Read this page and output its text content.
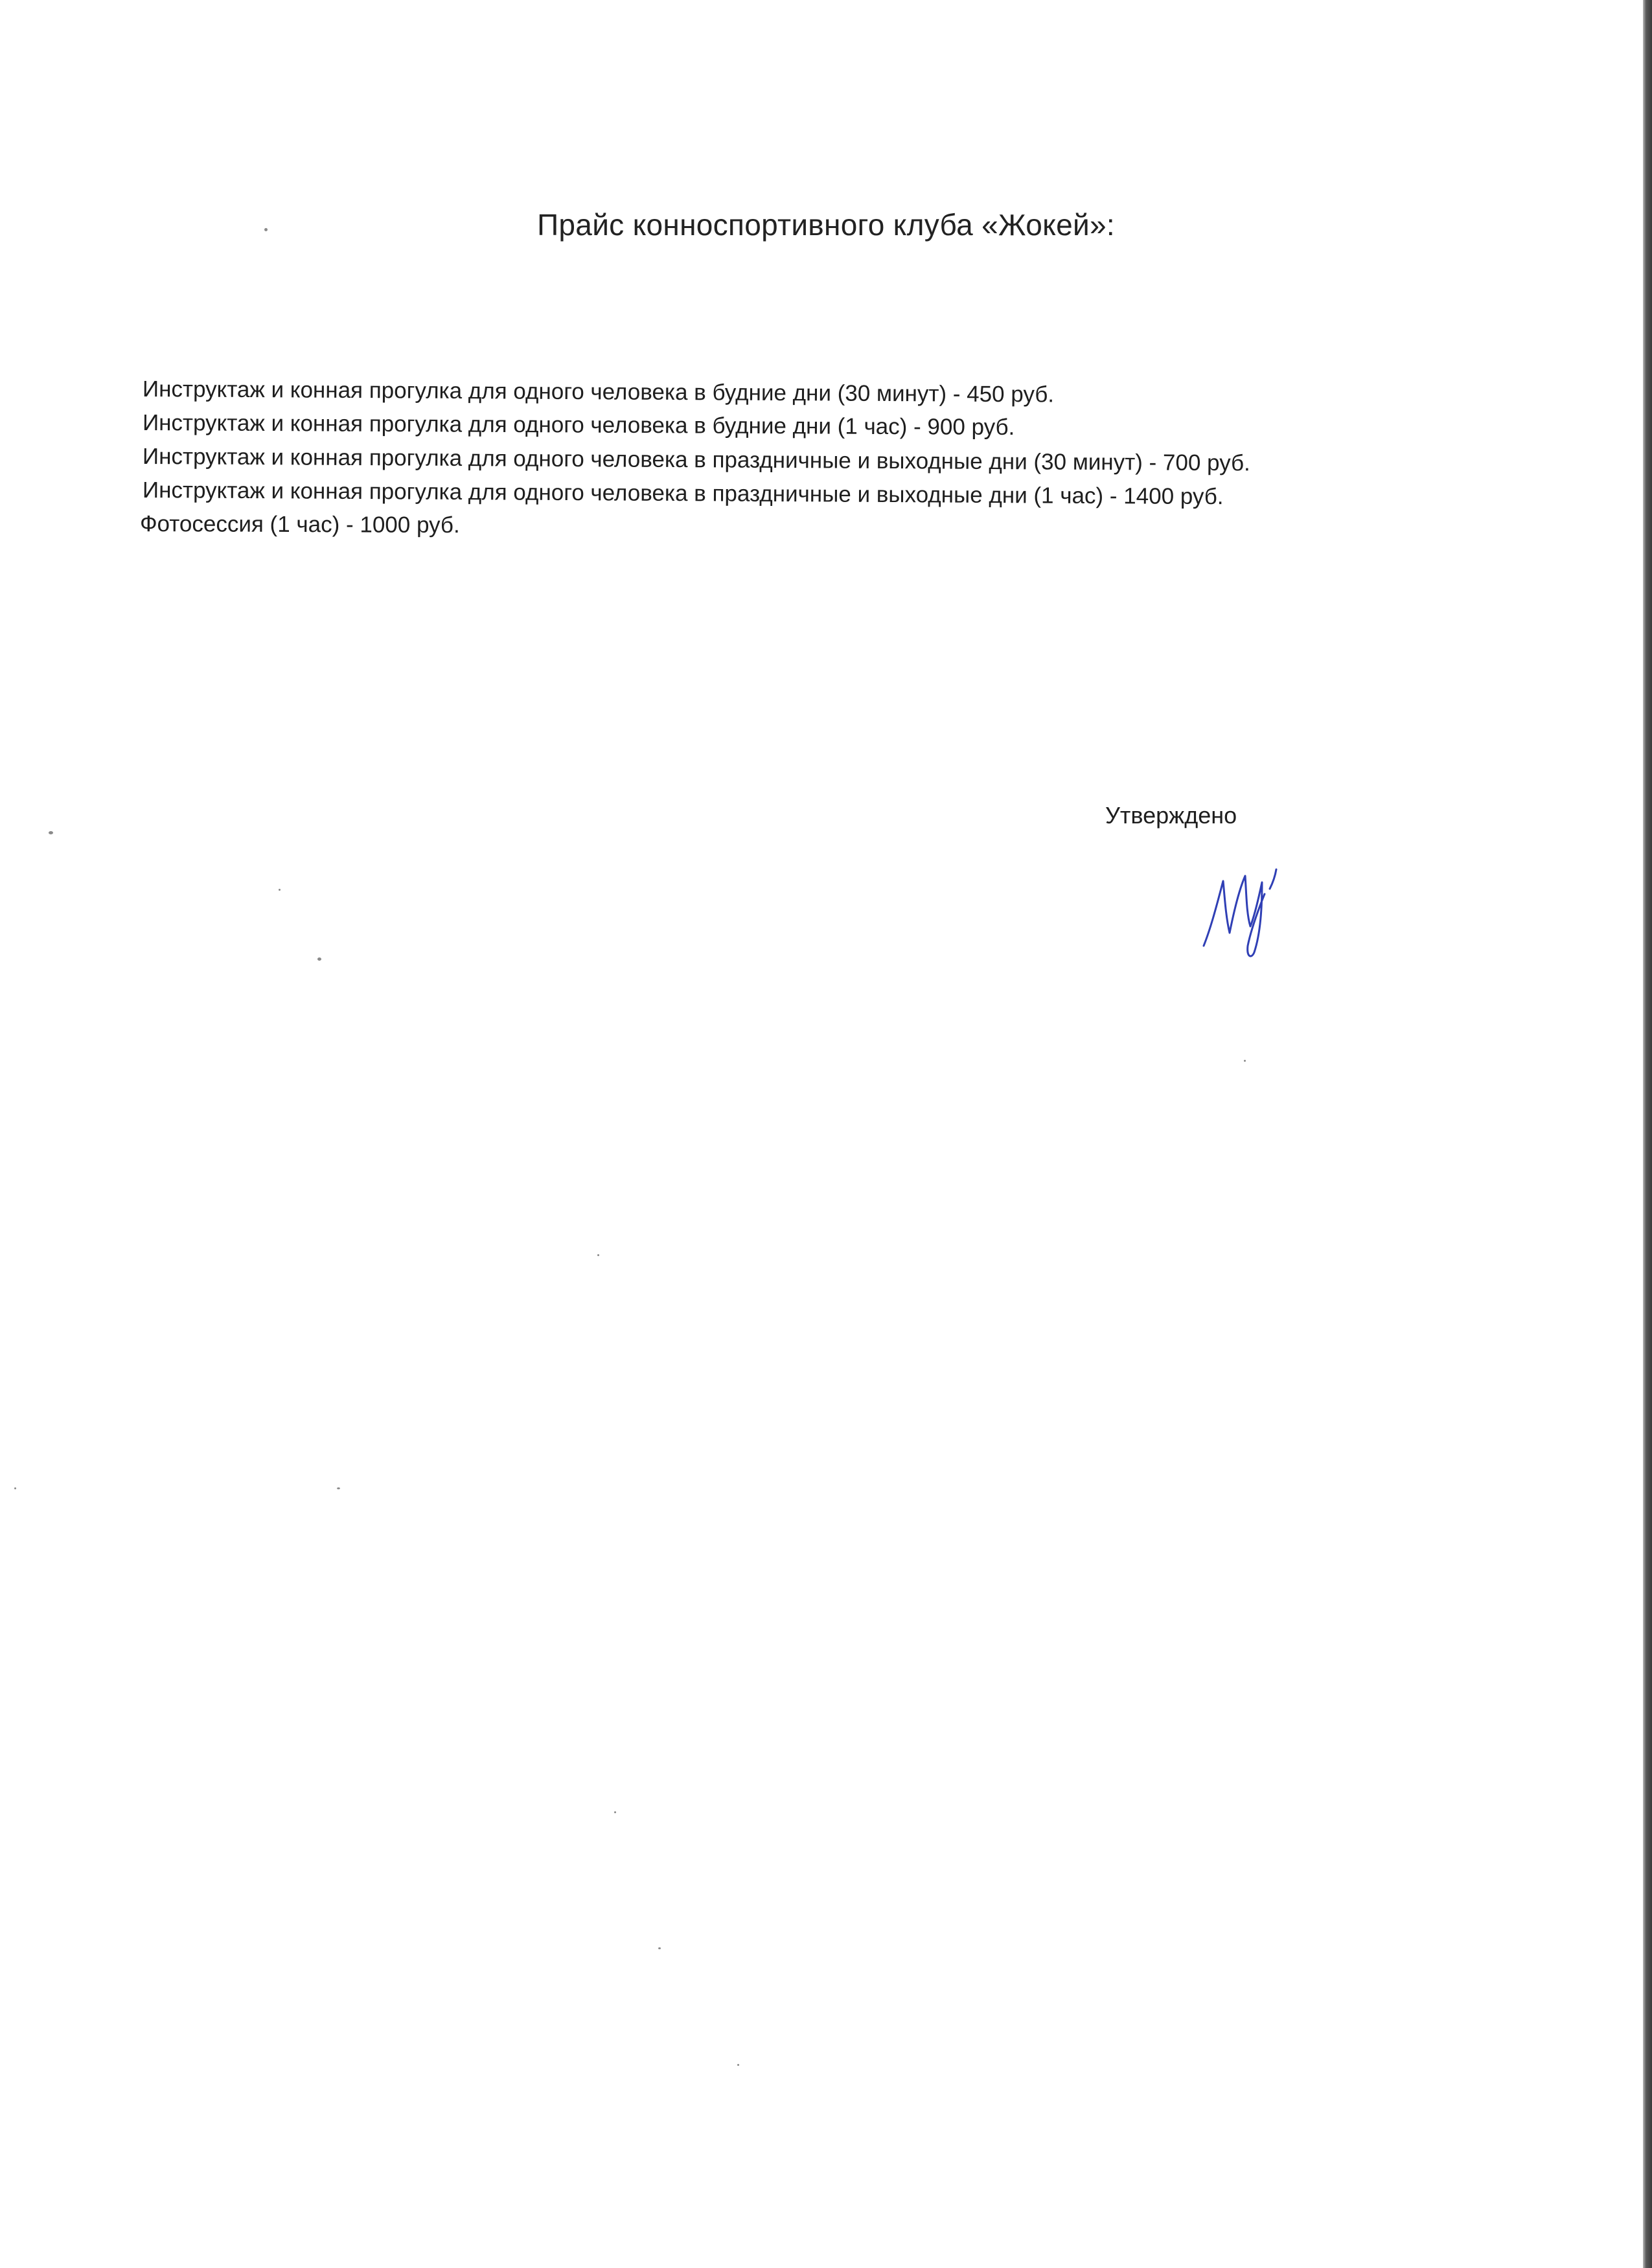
Прайс конноспортивного клуба «Жокей»:
Инструктаж и конная прогулка для одного человека в будние дни (30 минут) - 450 руб.
Инструктаж и конная прогулка для одного человека в будние дни (1 час) - 900 руб.
Инструктаж и конная прогулка для одного человека в праздничные и выходные дни (30 минут) - 700 руб.
Инструктаж и конная прогулка для одного человека в праздничные и выходные дни (1 час) - 1400 руб.
Фотосессия (1 час) - 1000 руб.
Утверждено
